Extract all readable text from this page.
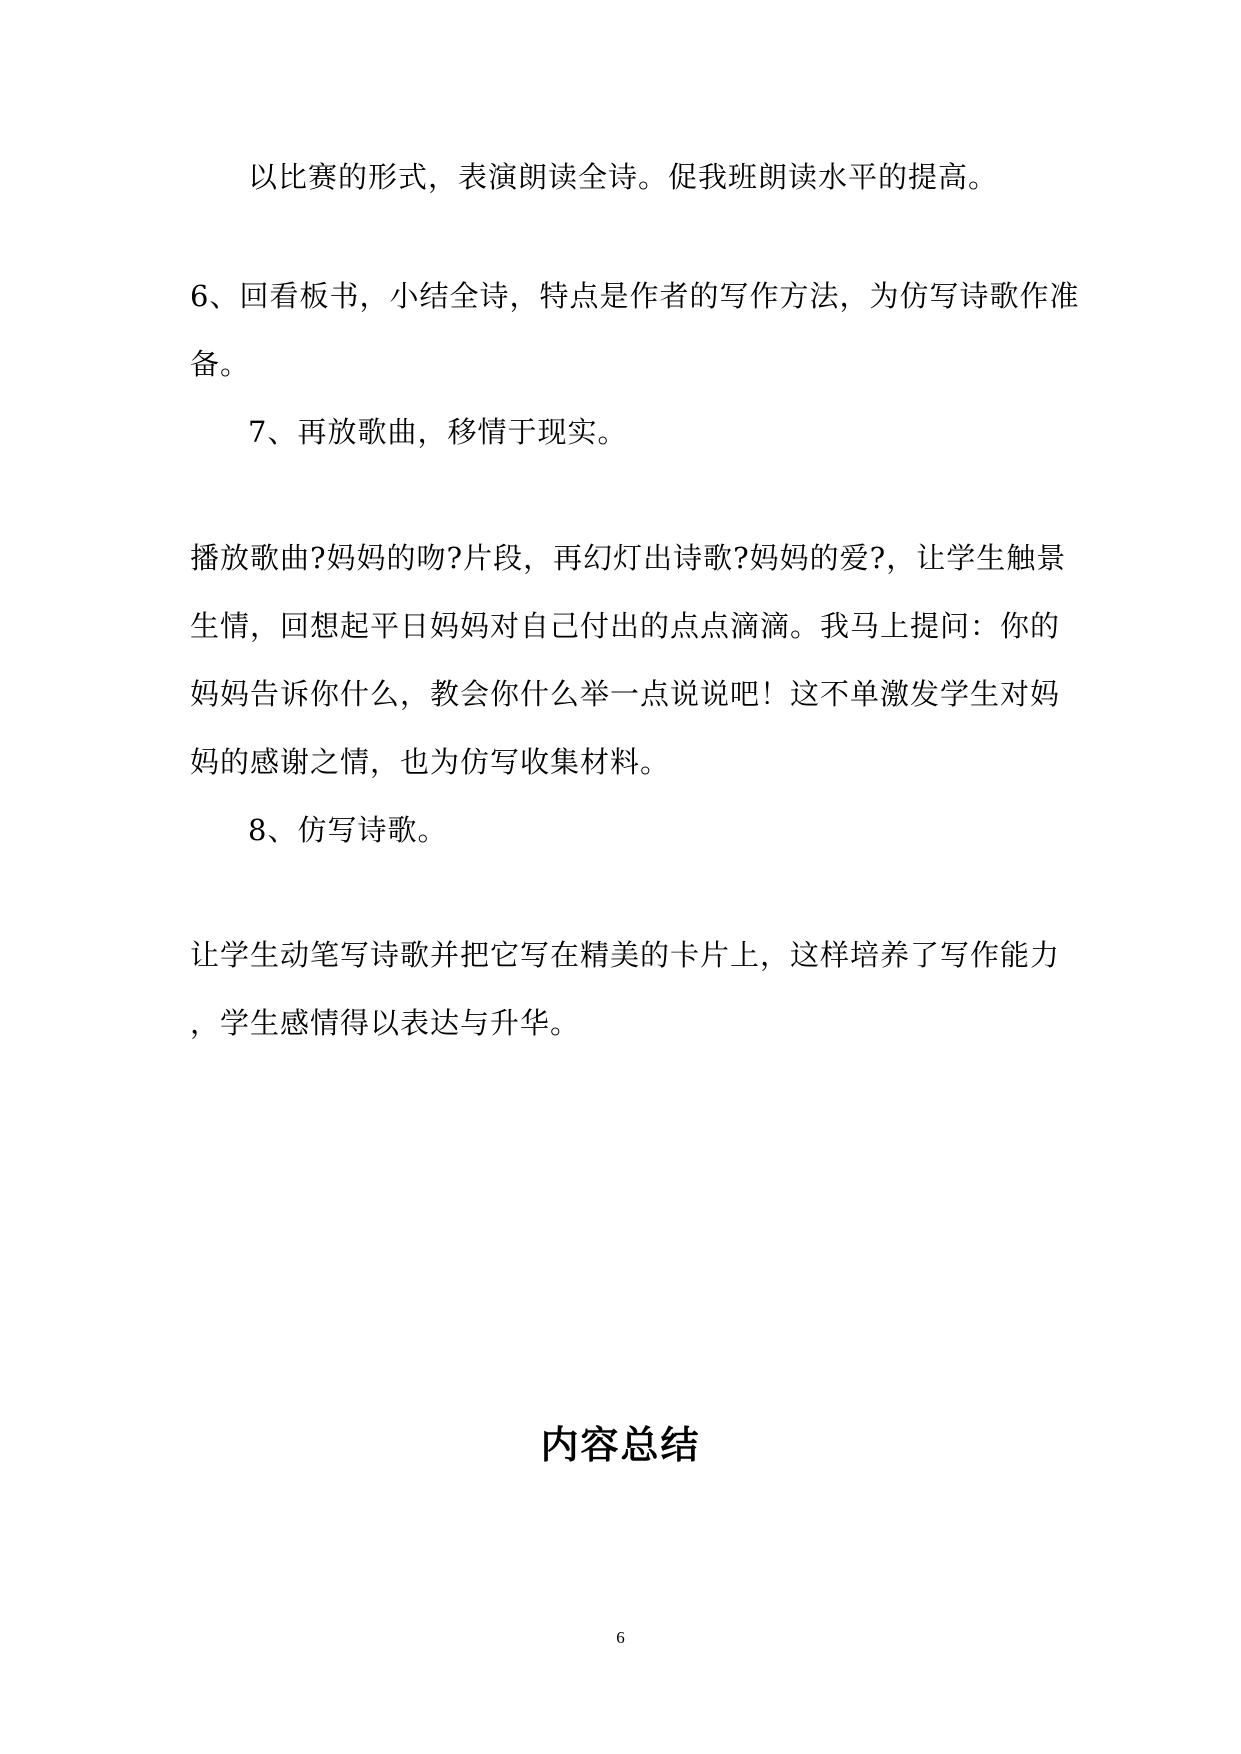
以比赛的形式，表演朗读全诗。促我班朗读水平的提高。
6、回看板书，小结全诗，特点是作者的写作方法，为仿写诗歌作准
备。
7、再放歌曲，移情于现实。
播放歌曲?妈妈的吻?片段，再幻灯出诗歌?妈妈的爱?，让学生触景
生情，回想起平日妈妈对自己付出的点点滴滴。我马上提问：你的
妈妈告诉你什么，教会你什么举一点说说吧！这不单激发学生对妈
妈的感谢之情，也为仿写收集材料。
8、仿写诗歌。
让学生动笔写诗歌并把它写在精美的卡片上，这样培养了写作能力
，学生感情得以表达与升华。
内容总结
6
